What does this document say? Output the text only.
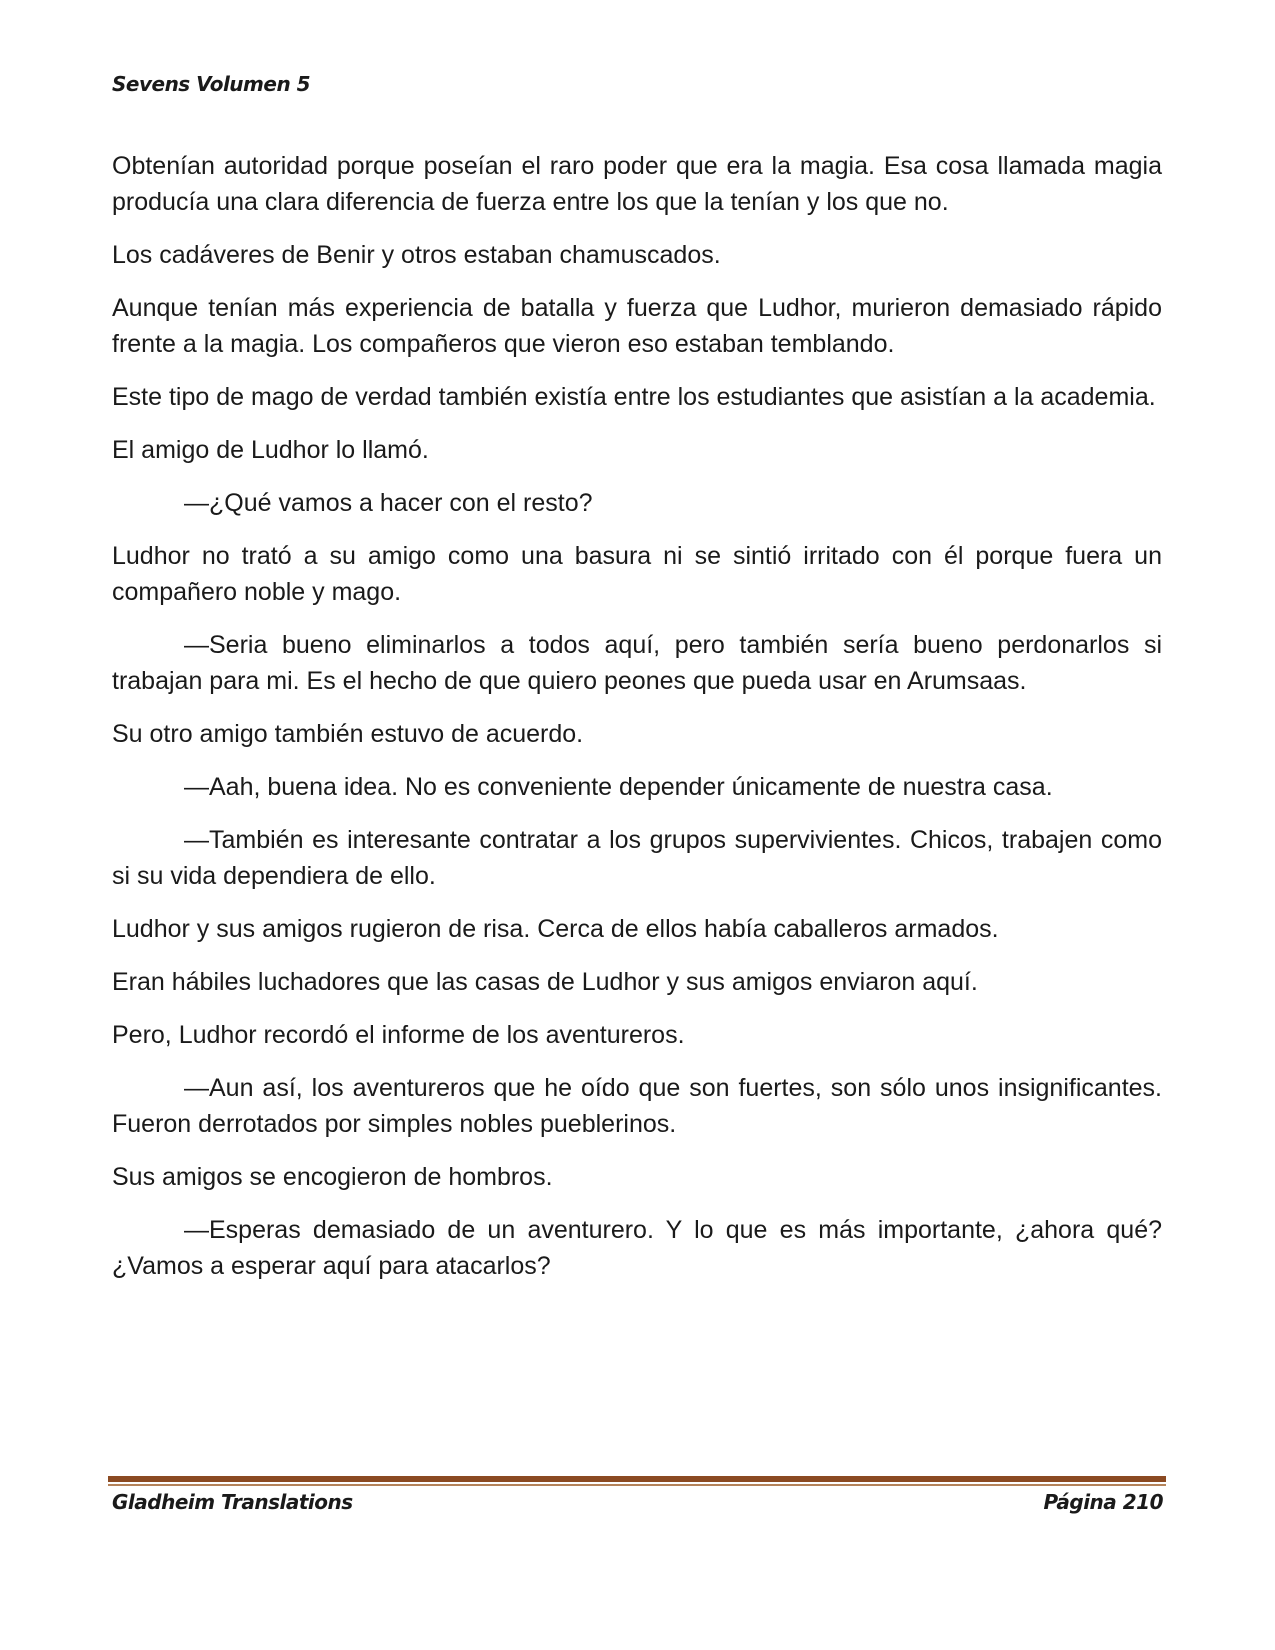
Sevens Volumen 5

Obtenían autoridad porque poseían el raro poder que era la magia. Esa cosa llamada magia producía una clara diferencia de fuerza entre los que la tenían y los que no.

Los cadáveres de Benir y otros estaban chamuscados.

Aunque tenían más experiencia de batalla y fuerza que Ludhor, murieron demasiado rápido frente a la magia. Los compañeros que vieron eso estaban temblando.

Este tipo de mago de verdad también existía entre los estudiantes que asistían a la academia.

El amigo de Ludhor lo llamó.

—¿Qué vamos a hacer con el resto?

Ludhor no trató a su amigo como una basura ni se sintió irritado con él porque fuera un compañero noble y mago.

—Seria bueno eliminarlos a todos aquí, pero también sería bueno perdonarlos si trabajan para mi. Es el hecho de que quiero peones que pueda usar en Arumsaas.

Su otro amigo también estuvo de acuerdo.

—Aah, buena idea. No es conveniente depender únicamente de nuestra casa.

—También es interesante contratar a los grupos supervivientes. Chicos, trabajen como si su vida dependiera de ello.

Ludhor y sus amigos rugieron de risa. Cerca de ellos había caballeros armados.

Eran hábiles luchadores que las casas de Ludhor y sus amigos enviaron aquí.

Pero, Ludhor recordó el informe de los aventureros.

—Aun así, los aventureros que he oído que son fuertes, son sólo unos insignificantes. Fueron derrotados por simples nobles pueblerinos.

Sus amigos se encogieron de hombros.

—Esperas demasiado de un aventurero. Y lo que es más importante, ¿ahora qué? ¿Vamos a esperar aquí para atacarlos?

Gladheim Translations	Página 210
